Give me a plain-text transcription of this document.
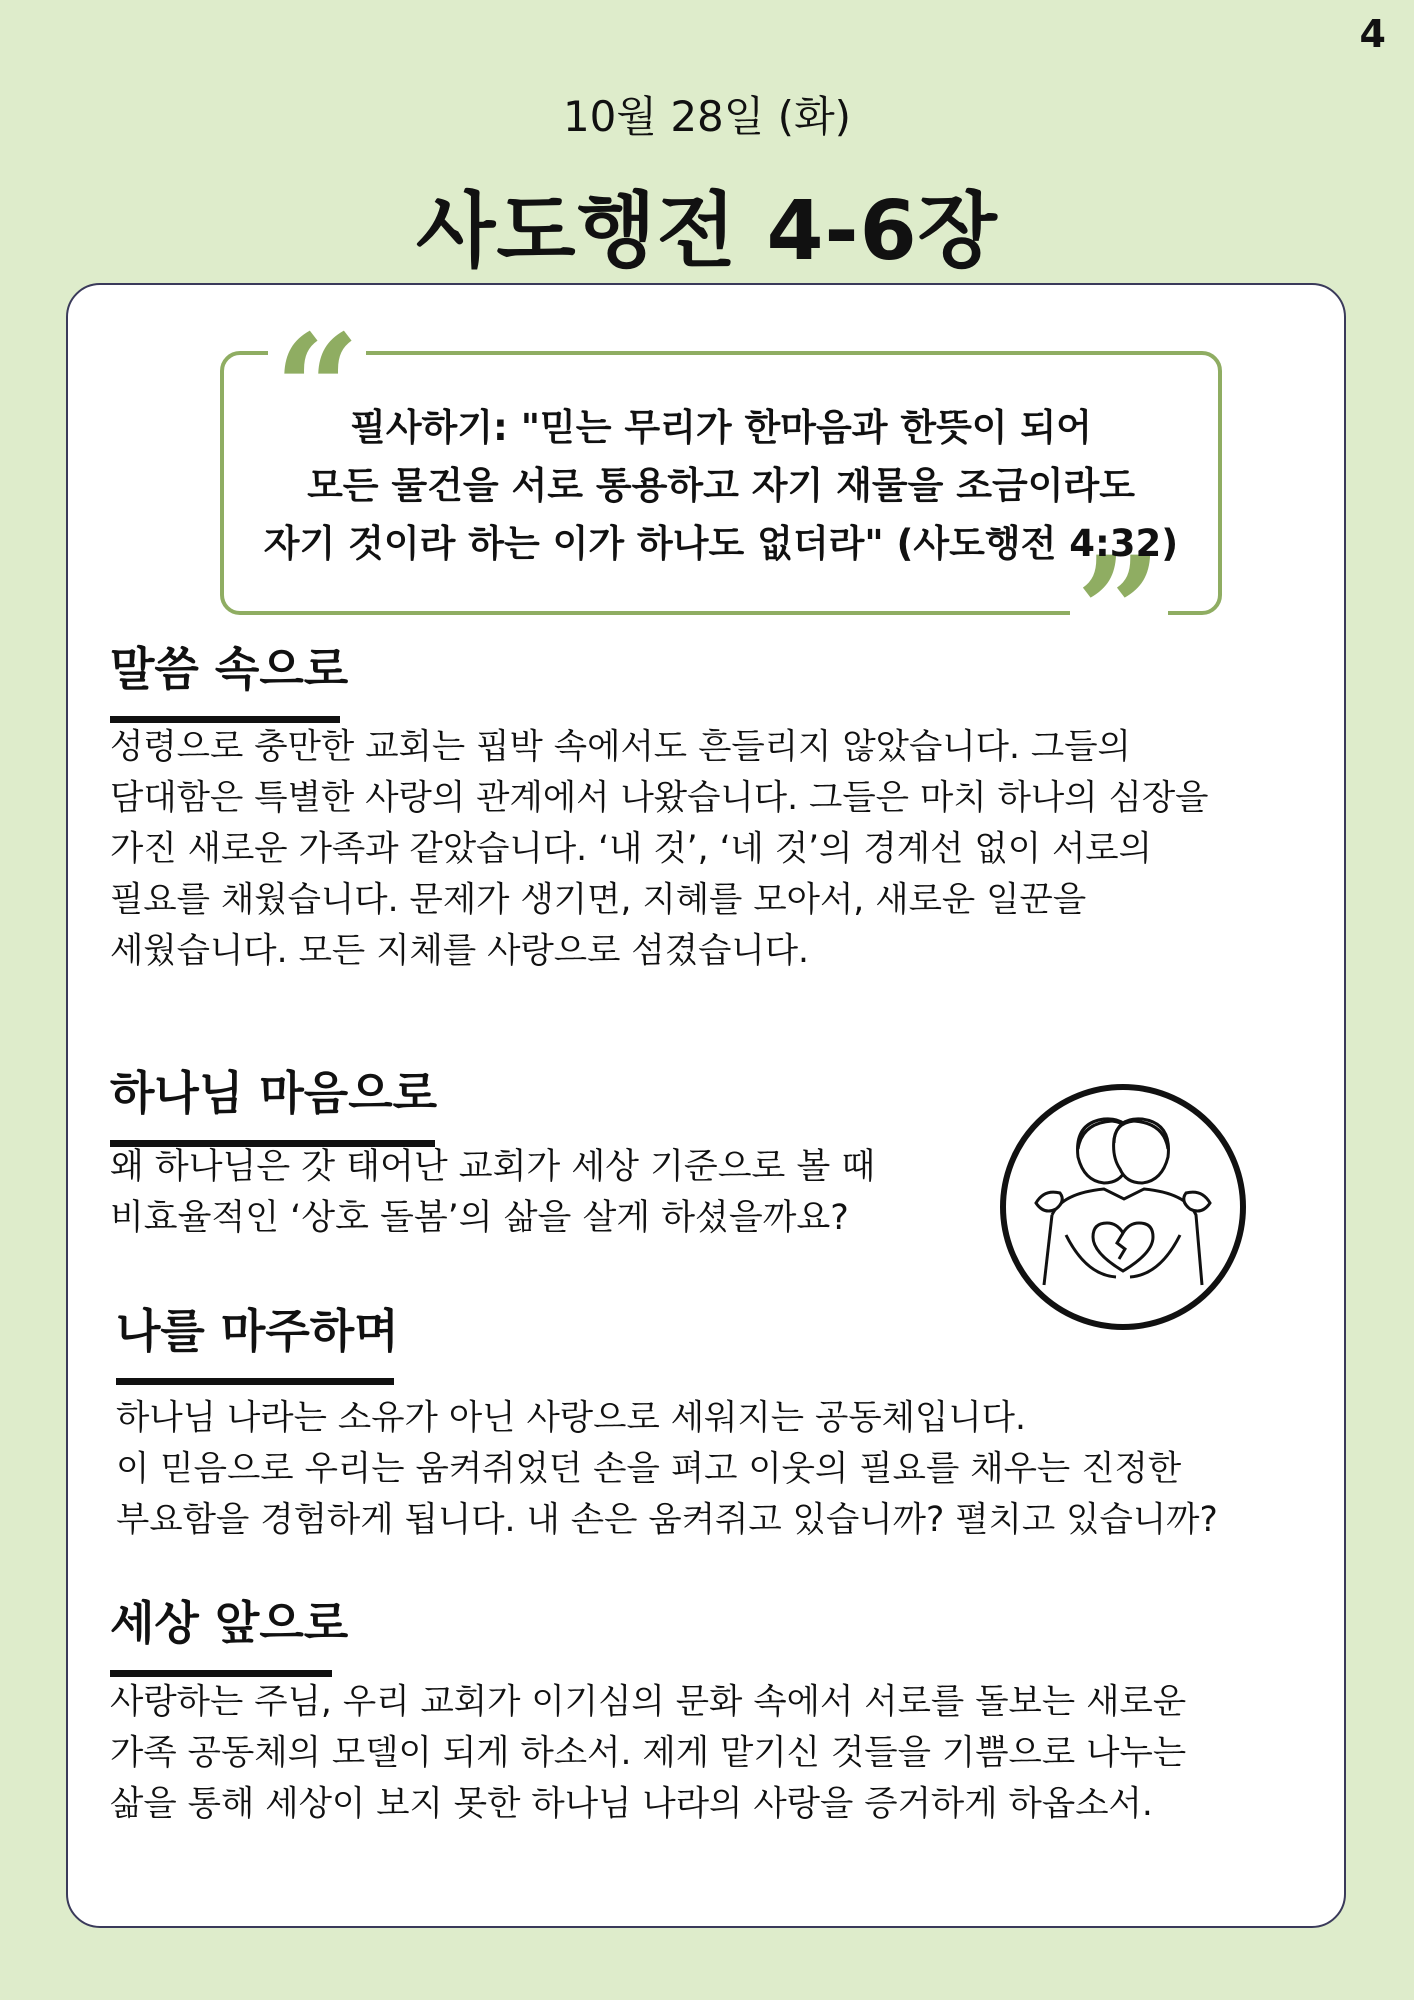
4
10월 28일 (화)
사도행전 4-6장
“
”
필사하기: "믿는 무리가 한마음과 한뜻이 되어
모든 물건을 서로 통용하고 자기 재물을 조금이라도
자기 것이라 하는 이가 하나도 없더라" (사도행전 4:32)
말씀 속으로
성령으로 충만한 교회는 핍박 속에서도 흔들리지 않았습니다. 그들의
담대함은 특별한 사랑의 관계에서 나왔습니다. 그들은 마치 하나의 심장을
가진 새로운 가족과 같았습니다. ‘내 것’, ‘네 것’의 경계선 없이 서로의
필요를 채웠습니다. 문제가 생기면, 지혜를 모아서, 새로운 일꾼을
세웠습니다. 모든 지체를 사랑으로 섬겼습니다.
하나님 마음으로
왜 하나님은 갓 태어난 교회가 세상 기준으로 볼 때
비효율적인 ‘상호 돌봄’의 삶을 살게 하셨을까요?
나를 마주하며
하나님 나라는 소유가 아닌 사랑으로 세워지는 공동체입니다.
이 믿음으로 우리는 움켜쥐었던 손을 펴고 이웃의 필요를 채우는 진정한
부요함을 경험하게 됩니다. 내 손은 움켜쥐고 있습니까? 펼치고 있습니까?
세상 앞으로
사랑하는 주님, 우리 교회가 이기심의 문화 속에서 서로를 돌보는 새로운
가족 공동체의 모델이 되게 하소서. 제게 맡기신 것들을 기쁨으로 나누는
삶을 통해 세상이 보지 못한 하나님 나라의 사랑을 증거하게 하옵소서.
